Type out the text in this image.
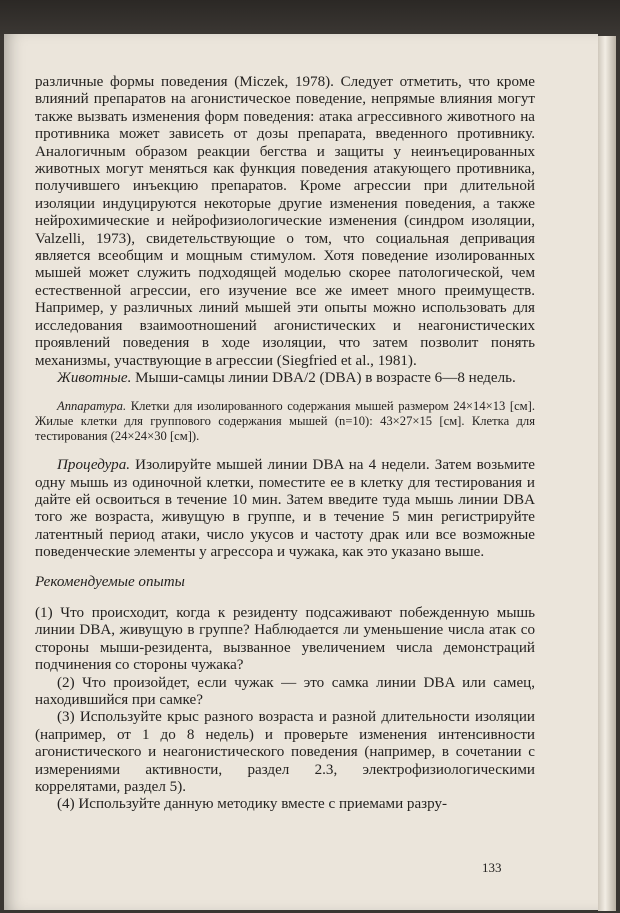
различные формы поведения (Miczek, 1978). Следует отметить, что кроме влияний препаратов на агонистическое поведение, непрямые влияния могут также вызвать изменения форм поведения: атака агрессивного животного на противника может зависеть от дозы препарата, введенного противнику. Аналогичным образом реакции бегства и защиты у неинъецированных животных могут меняться как функция поведения атакующего противника, получившего инъекцию препаратов. Кроме агрессии при длительной изоляции индуцируются некоторые другие изменения поведения, а также нейрохимические и нейрофизиологические изменения (синдром изоляции, Valzelli, 1973), свидетельствующие о том, что социальная депривация является всеобщим и мощным стимулом. Хотя поведение изолированных мышей может служить подходящей моделью скорее патологической, чем естественной агрессии, его изучение все же имеет много преимуществ. Например, у различных линий мышей эти опыты можно использовать для исследования взаимоотношений агонистических и неагонистических проявлений поведения в ходе изоляции, что затем позволит понять механизмы, участвующие в агрессии (Siegfried et al., 1981).

Животные. Мыши-самцы линии DBA/2 (DBA) в возрасте 6—8 недель.

Аппаратура. Клетки для изолированного содержания мышей размером 24×14×13 [см]. Жилые клетки для группового содержания мышей (n=10): 43×27×15 [см]. Клетка для тестирования (24×24×30 [см]).

Процедура. Изолируйте мышей линии DBA на 4 недели. Затем возьмите одну мышь из одиночной клетки, поместите ее в клетку для тестирования и дайте ей освоиться в течение 10 мин. Затем введите туда мышь линии DBA того же возраста, живущую в группе, и в течение 5 мин регистрируйте латентный период атаки, число укусов и частоту драк или все возможные поведенческие элементы у агрессора и чужака, как это указано выше.

Рекомендуемые опыты

(1) Что происходит, когда к резиденту подсаживают побежденную мышь линии DBA, живущую в группе? Наблюдается ли уменьшение числа атак со стороны мыши-резидента, вызванное увеличением числа демонстраций подчинения со стороны чужака?

(2) Что произойдет, если чужак — это самка линии DBA или самец, находившийся при самке?

(3) Используйте крыс разного возраста и разной длительности изоляции (например, от 1 до 8 недель) и проверьте изменения интенсивности агонистического и неагонистического поведения (например, в сочетании с измерениями активности, раздел 2.3, электрофизиологическими коррелятами, раздел 5).

(4) Используйте данную методику вместе с приемами разру-

133
